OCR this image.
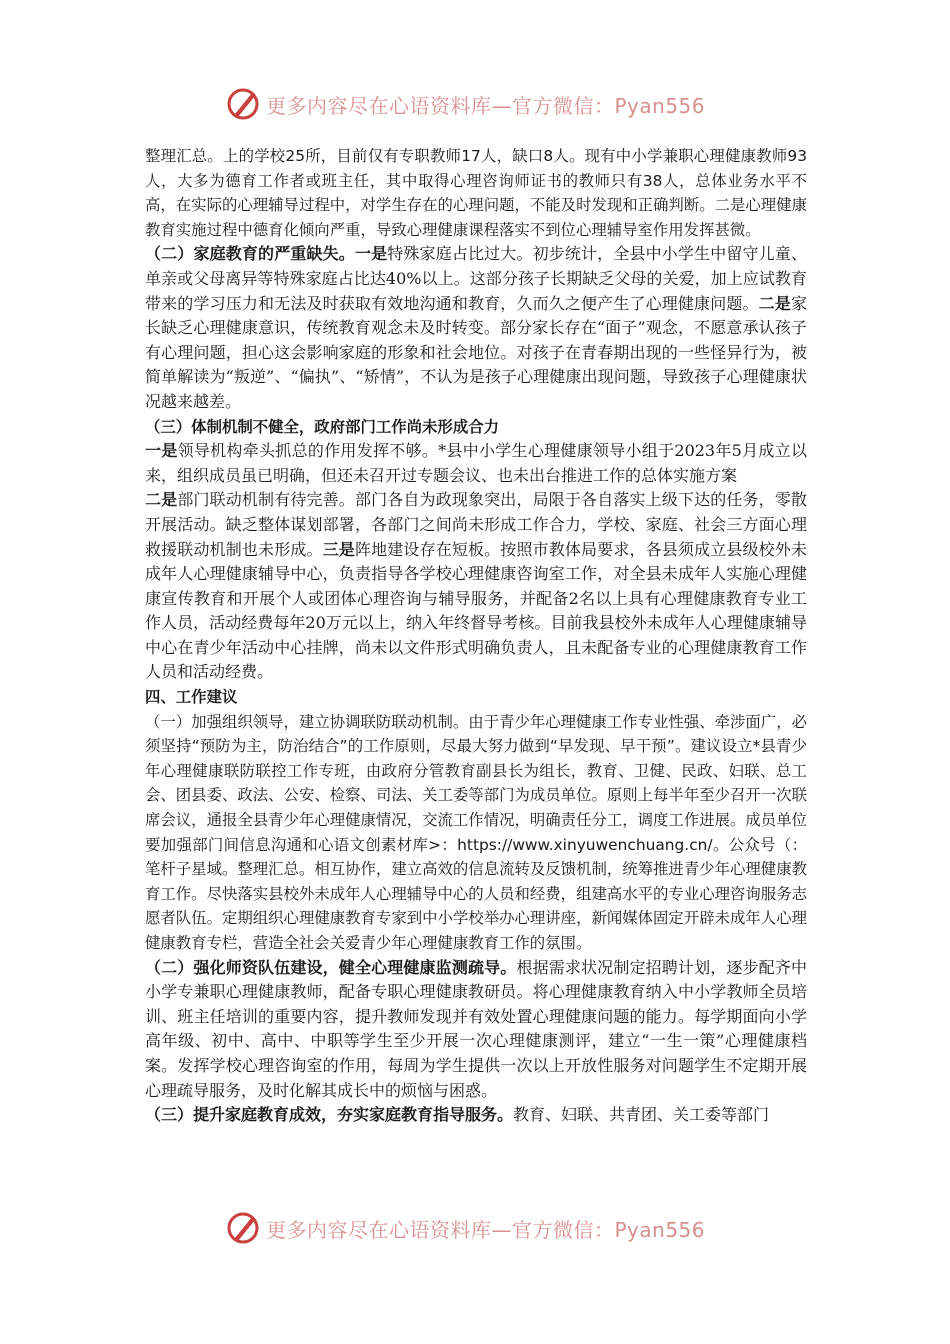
更多内容尽在心语资料库—官方微信：Pyan556

整理汇总。上的学校25所，目前仅有专职教师17人，缺口8人。现有中小学兼职心理健康教师93人，大多为德育工作者或班主任，其中取得心理咨询师证书的教师只有38人，总体业务水平不高，在实际的心理辅导过程中，对学生存在的心理问题，不能及时发现和正确判断。二是心理健康教育实施过程中德育化倾向严重，导致心理健康课程落实不到位心理辅导室作用发挥甚微。

（二）家庭教育的严重缺失。一是特殊家庭占比过大。初步统计，全县中小学生中留守儿童、单亲或父母离异等特殊家庭占比达40%以上。这部分孩子长期缺乏父母的关爱，加上应试教育带来的学习压力和无法及时获取有效地沟通和教育，久而久之便产生了心理健康问题。二是家长缺乏心理健康意识，传统教育观念未及时转变。部分家长存在“面子”观念，不愿意承认孩子有心理问题，担心这会影响家庭的形象和社会地位。对孩子在青春期出现的一些怪异行为，被简单解读为“叛逆”、“偏执”、“矫情”，不认为是孩子心理健康出现问题，导致孩子心理健康状况越来越差。

（三）体制机制不健全，政府部门工作尚未形成合力

一是领导机构牵头抓总的作用发挥不够。*县中小学生心理健康领导小组于2023年5月成立以来，组织成员虽已明确，但还未召开过专题会议、也未出台推进工作的总体实施方案
二是部门联动机制有待完善。部门各自为政现象突出，局限于各自落实上级下达的任务，零散开展活动。缺乏整体谋划部署，各部门之间尚未形成工作合力，学校、家庭、社会三方面心理救援联动机制也未形成。三是阵地建设存在短板。按照市教体局要求，各县须成立县级校外未成年人心理健康辅导中心，负责指导各学校心理健康咨询室工作，对全县未成年人实施心理健康宣传教育和开展个人或团体心理咨询与辅导服务，并配备2名以上具有心理健康教育专业工作人员，活动经费每年20万元以上，纳入年终督导考核。目前我县校外未成年人心理健康辅导中心在青少年活动中心挂牌，尚未以文件形式明确负责人，且未配备专业的心理健康教育工作人员和活动经费。

四、工作建议

（一）加强组织领导，建立协调联防联动机制。由于青少年心理健康工作专业性强、牵涉面广，必须坚持“预防为主，防治结合”的工作原则，尽最大努力做到“早发现、早干预”。建议设立*县青少年心理健康联防联控工作专班，由政府分管教育副县长为组长，教育、卫健、民政、妇联、总工会、团县委、政法、公安、检察、司法、关工委等部门为成员单位。原则上每半年至少召开一次联席会议，通报全县青少年心理健康情况，交流工作情况，明确责任分工，调度工作进展。成员单位要加强部门间信息沟通和心语文创素材库>：https://www.xinyuwenchuang.cn/。公众号（：笔杆子星域。整理汇总。相互协作，建立高效的信息流转及反馈机制，统筹推进青少年心理健康教育工作。尽快落实县校外未成年人心理辅导中心的人员和经费，组建高水平的专业心理咨询服务志愿者队伍。定期组织心理健康教育专家到中小学校举办心理讲座，新闻媒体固定开辟未成年人心理健康教育专栏，营造全社会关爱青少年心理健康教育工作的氛围。

（二）强化师资队伍建设，健全心理健康监测疏导。根据需求状况制定招聘计划，逐步配齐中小学专兼职心理健康教师，配备专职心理健康教研员。将心理健康教育纳入中小学教师全员培训、班主任培训的重要内容，提升教师发现并有效处置心理健康问题的能力。每学期面向小学高年级、初中、高中、中职等学生至少开展一次心理健康测评，建立“一生一策”心理健康档案。发挥学校心理咨询室的作用，每周为学生提供一次以上开放性服务对问题学生不定期开展心理疏导服务，及时化解其成长中的烦恼与困惑。

（三）提升家庭教育成效，夯实家庭教育指导服务。教育、妇联、共青团、关工委等部门

更多内容尽在心语资料库—官方微信：Pyan556
